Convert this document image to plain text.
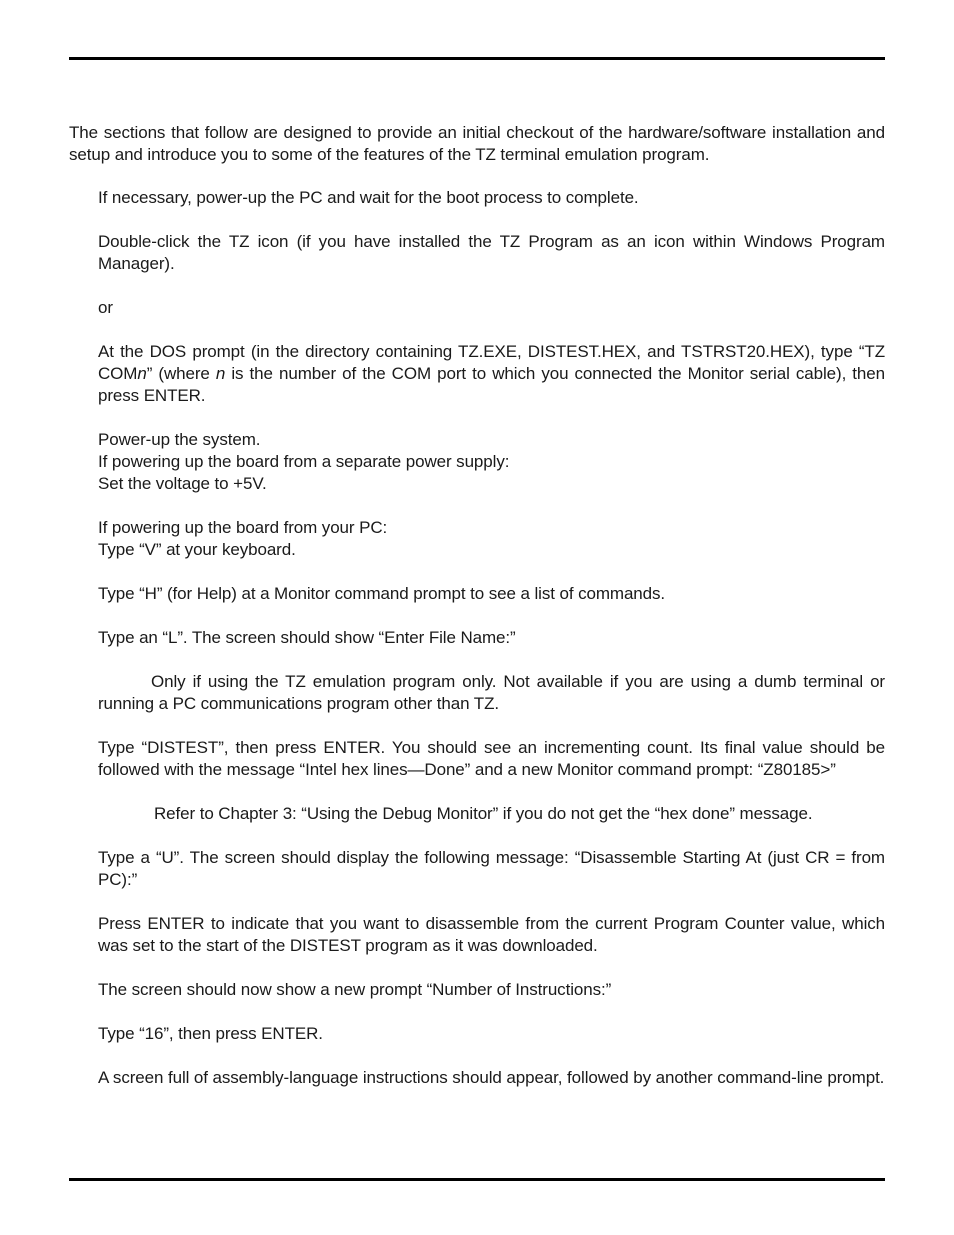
The sections that follow are designed to provide an initial checkout of the hardware/software installation and setup and introduce you to some of the features of the TZ terminal emulation program.

If necessary, power-up the PC and wait for the boot process to complete.

Double-click the TZ icon (if you have installed the TZ Program as an icon within Windows Program Manager).

or

At the DOS prompt (in the directory containing TZ.EXE, DISTEST.HEX, and TSTRST20.HEX), type “TZ COMn” (where n is the number of the COM port to which you connected the Monitor serial cable), then press ENTER.

Power-up the system.

If powering up the board from a separate power supply:

Set the voltage to +5V.

If powering up the board from your PC:

Type “V” at your keyboard.

Type “H” (for Help) at a Monitor command prompt to see a list of commands.

Type an “L”. The screen should show “Enter File Name:”

Only if using the TZ emulation program only. Not available if you are using a dumb terminal or running a PC communications program other than TZ.

Type “DISTEST”, then press ENTER. You should see an incrementing count. Its final value should be followed with the message “Intel hex lines—Done” and a new Monitor command prompt: “Z80185>”

Refer to Chapter 3: “Using the Debug Monitor” if you do not get the “hex done” message.

Type a “U”. The screen should display the following message: “Disassemble Starting At (just CR = from PC):”

Press ENTER to indicate that you want to disassemble from the current Program Counter value, which was set to the start of the DISTEST program as it was downloaded.

The screen should now show a new prompt “Number of Instructions:”

Type “16”, then press ENTER.

A screen full of assembly-language instructions should appear, followed by another command-line prompt.
